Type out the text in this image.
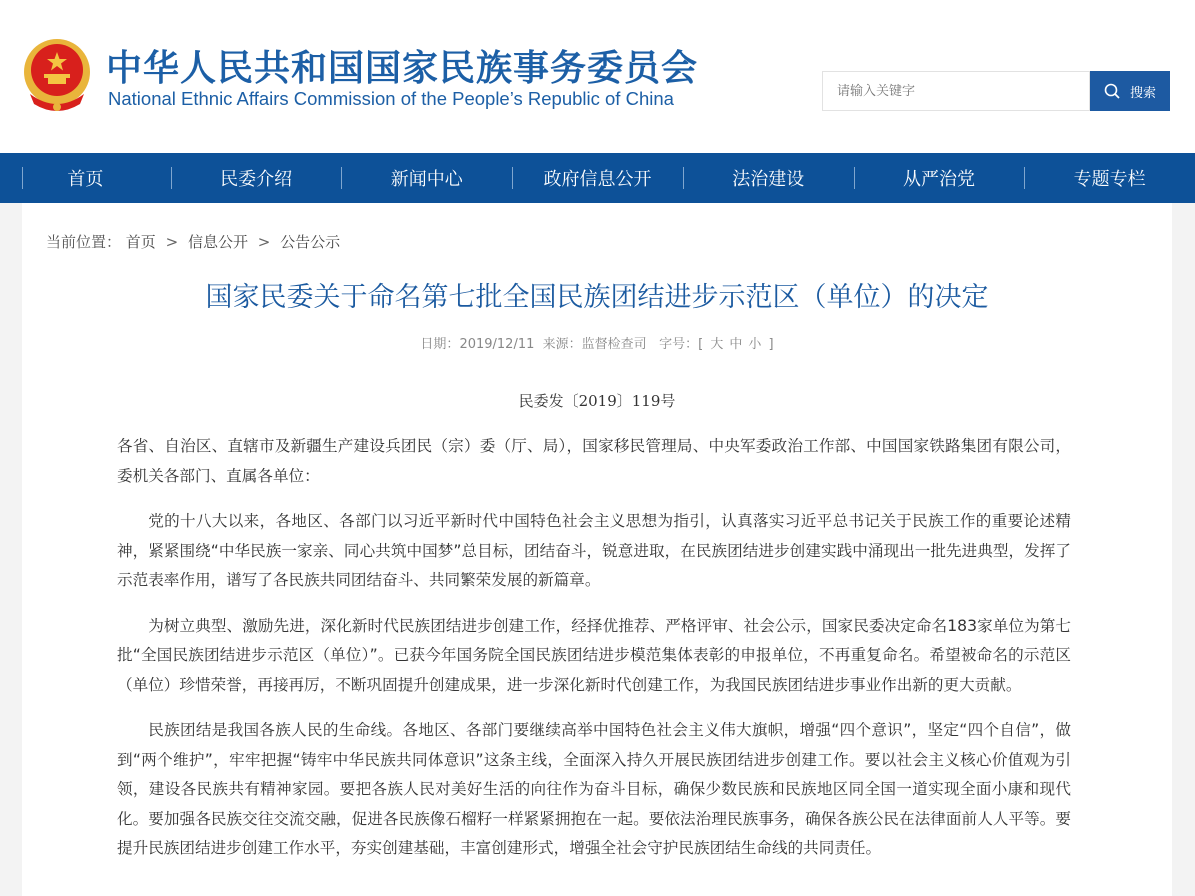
中华人民共和国国家民族事务委员会
National Ethnic Affairs Commission of the People’s Republic of China
请输入关键字	搜索
首页	民委介绍	新闻中心	政府信息公开	法治建设	从严治党	专题专栏
当前位置： 首页 > 信息公开 > 公告公示
国家民委关于命名第七批全国民族团结进步示范区（单位）的决定
日期：2019/12/11 来源：监督检查司 字号：[ 大 中 小 ]
民委发〔2019〕119号

各省、自治区、直辖市及新疆生产建设兵团民（宗）委（厅、局），国家移民管理局、中央军委政治工作部、中国国家铁路集团有限公司，委机关各部门、直属各单位：

党的十八大以来，各地区、各部门以习近平新时代中国特色社会主义思想为指引，认真落实习近平总书记关于民族工作的重要论述精神，紧紧围绕“中华民族一家亲、同心共筑中国梦”总目标，团结奋斗，锐意进取，在民族团结进步创建实践中涌现出一批先进典型，发挥了示范表率作用，谱写了各民族共同团结奋斗、共同繁荣发展的新篇章。

为树立典型、激励先进，深化新时代民族团结进步创建工作，经择优推荐、严格评审、社会公示，国家民委决定命名183家单位为第七批“全国民族团结进步示范区（单位）”。已获今年国务院全国民族团结进步模范集体表彰的申报单位，不再重复命名。希望被命名的示范区（单位）珍惜荣誉，再接再厉，不断巩固提升创建成果，进一步深化新时代创建工作，为我国民族团结进步事业作出新的更大贡献。

民族团结是我国各族人民的生命线。各地区、各部门要继续高举中国特色社会主义伟大旗帜，增强“四个意识”，坚定“四个自信”，做到“两个维护”，牢牢把握“铸牢中华民族共同体意识”这条主线，全面深入持久开展民族团结进步创建工作。要以社会主义核心价值观为引领，建设各民族共有精神家园。要把各族人民对美好生活的向往作为奋斗目标，确保少数民族和民族地区同全国一道实现全面小康和现代化。要加强各民族交往交流交融，促进各民族像石榴籽一样紧紧拥抱在一起。要依法治理民族事务，确保各族公民在法律面前人人平等。要提升民族团结进步创建工作水平，夯实创建基础，丰富创建形式，增强全社会守护民族团结生命线的共同责任。
